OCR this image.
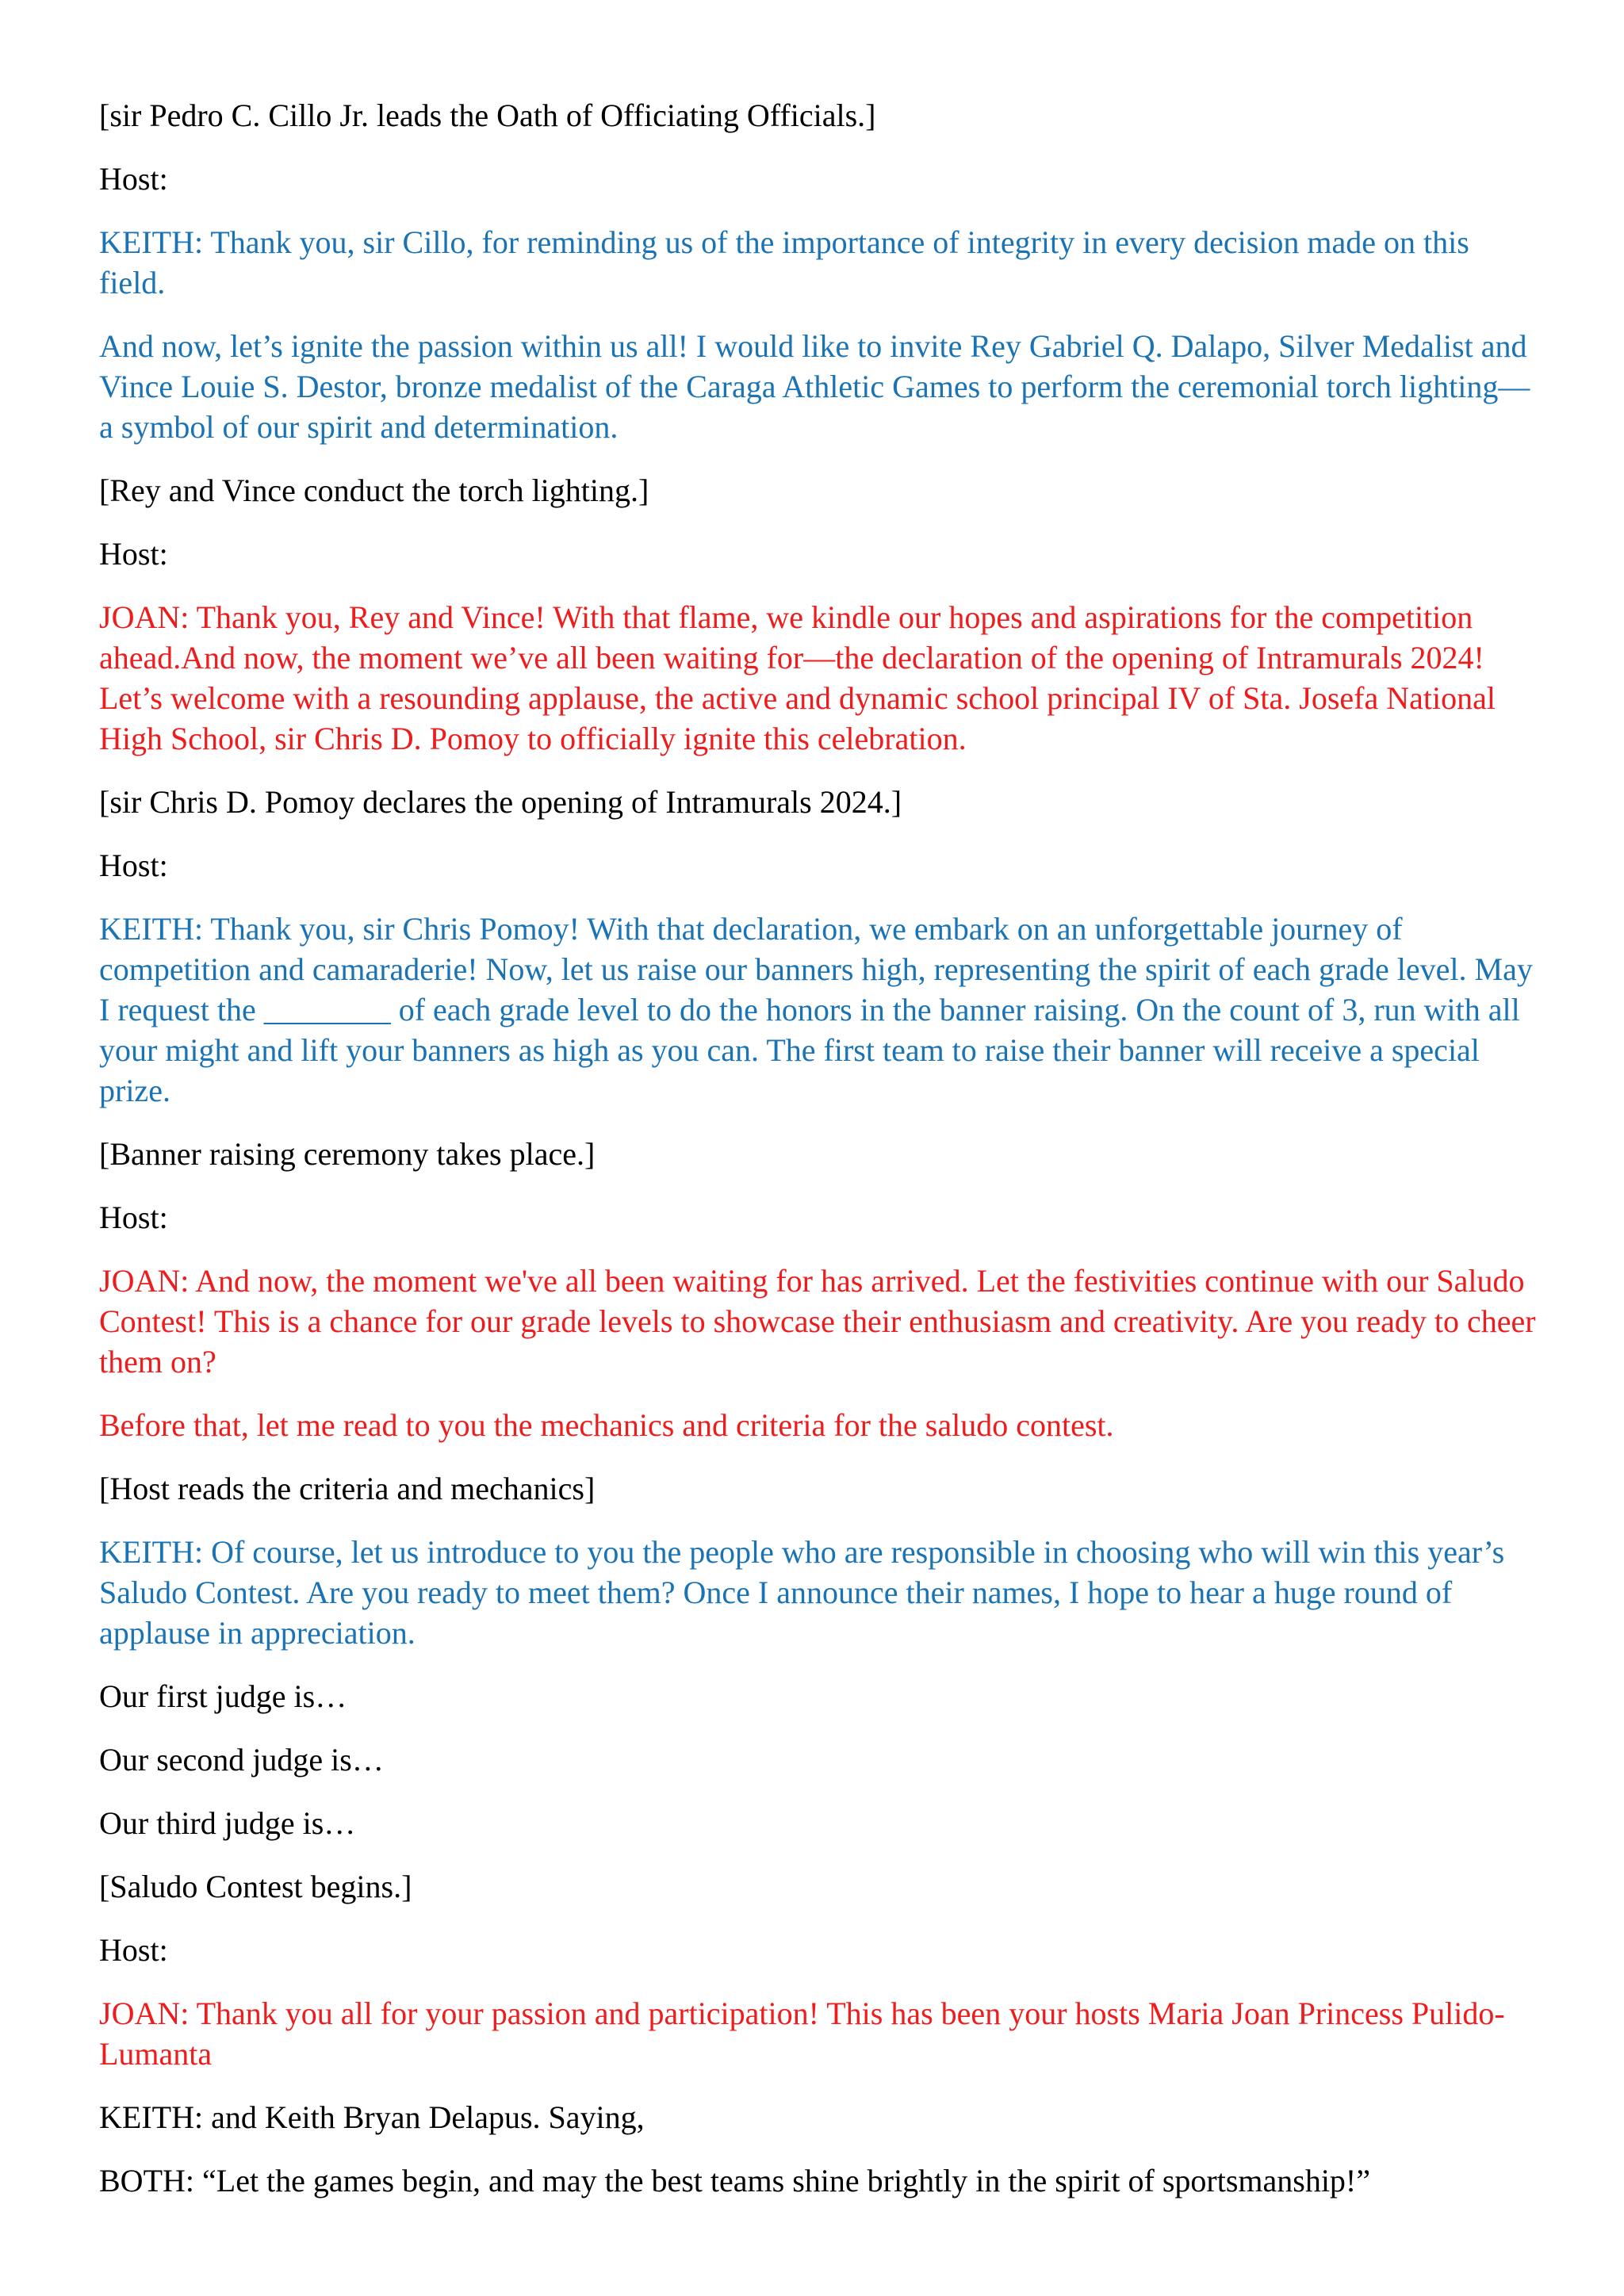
[sir Pedro C. Cillo Jr. leads the Oath of Officiating Officials.]

Host:

KEITH: Thank you, sir Cillo, for reminding us of the importance of integrity in every decision made on this field.

And now, let’s ignite the passion within us all! I would like to invite Rey Gabriel Q. Dalapo, Silver Medalist and Vince Louie S. Destor, bronze medalist of the Caraga Athletic Games to perform the ceremonial torch lighting—a symbol of our spirit and determination.

[Rey and Vince conduct the torch lighting.]

Host:

JOAN: Thank you, Rey and Vince! With that flame, we kindle our hopes and aspirations for the competition ahead.And now, the moment we’ve all been waiting for—the declaration of the opening of Intramurals 2024! Let’s welcome with a resounding applause, the active and dynamic school principal IV of Sta. Josefa National High School, sir Chris D. Pomoy to officially ignite this celebration.

[sir Chris D. Pomoy declares the opening of Intramurals 2024.]

Host:

KEITH: Thank you, sir Chris Pomoy! With that declaration, we embark on an unforgettable journey of competition and camaraderie! Now, let us raise our banners high, representing the spirit of each grade level. May I request the ________ of each grade level to do the honors in the banner raising. On the count of 3, run with all your might and lift your banners as high as you can. The first team to raise their banner will receive a special prize.

[Banner raising ceremony takes place.]

Host:

JOAN: And now, the moment we've all been waiting for has arrived. Let the festivities continue with our Saludo Contest! This is a chance for our grade levels to showcase their enthusiasm and creativity. Are you ready to cheer them on?

Before that, let me read to you the mechanics and criteria for the saludo contest.

[Host reads the criteria and mechanics]

KEITH: Of course, let us introduce to you the people who are responsible in choosing who will win this year’s Saludo Contest. Are you ready to meet them? Once I announce their names, I hope to hear a huge round of applause in appreciation.

Our first judge is…

Our second judge is…

Our third judge is…

[Saludo Contest begins.]

Host:

JOAN: Thank you all for your passion and participation! This has been your hosts Maria Joan Princess Pulido- Lumanta

KEITH: and Keith Bryan Delapus. Saying,

BOTH: “Let the games begin, and may the best teams shine brightly in the spirit of sportsmanship!”
